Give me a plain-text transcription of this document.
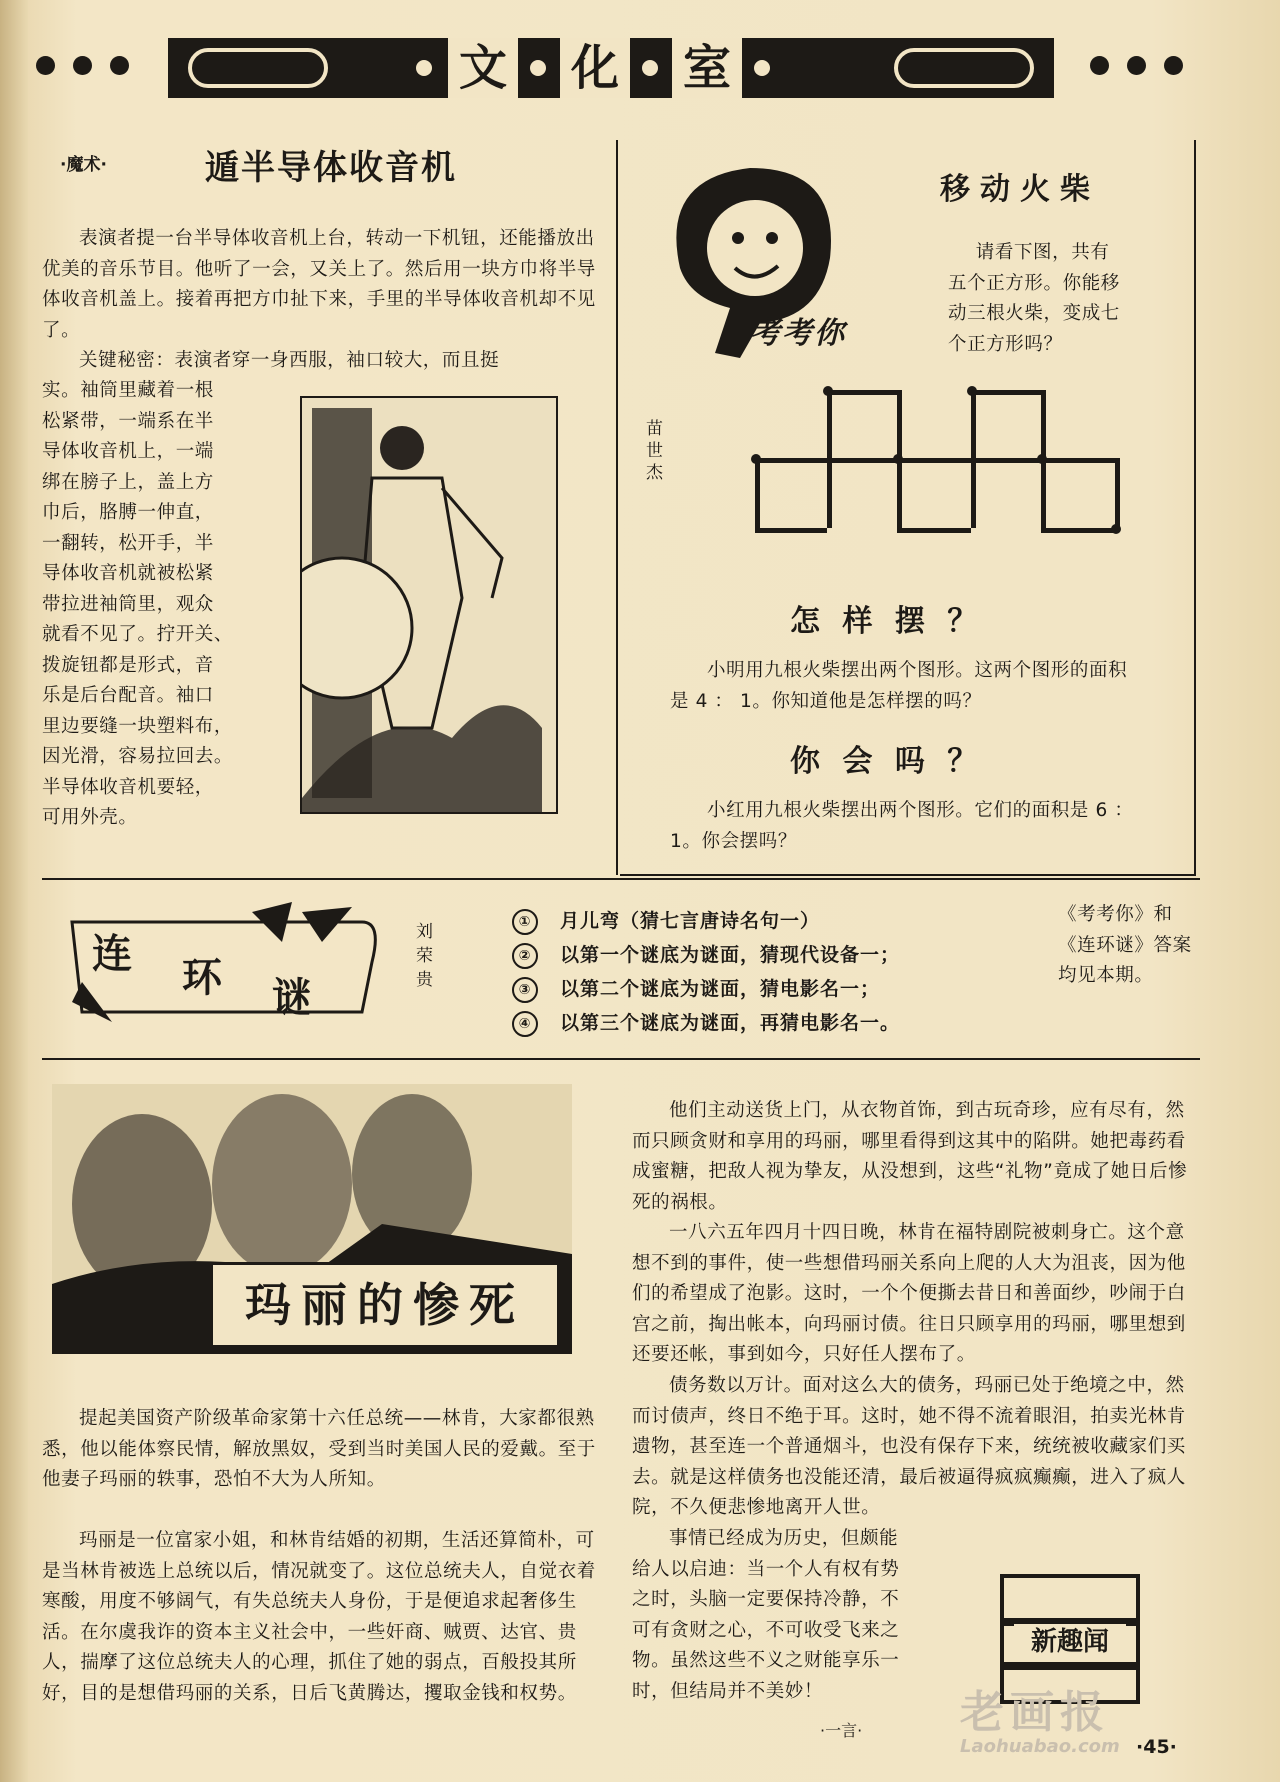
文 化 室
·魔术·	遁半导体收音机

表演者提一台半导体收音机上台，转动一下机钮，还能播放出优美的音乐节目。他听了一会，又关上了。然后用一块方巾将半导体收音机盖上。接着再把方巾扯下来，手里的半导体收音机却不见了。

关键秘密：表演者穿一身西服，袖口较大，而且挺

实。袖筒里藏着一根
松紧带，一端系在半
导体收音机上，一端
绑在膀子上，盖上方
巾后，胳膊一伸直，
一翻转，松开手，半
导体收音机就被松紧
带拉进袖筒里，观众
就看不见了。拧开关、
拨旋钮都是形式，音
乐是后台配音。袖口
里边要缝一块塑料布，
因光滑，容易拉回去。
半导体收音机要轻，
可用外壳。
考考你
苗世杰
移动火柴
请看下图，共有
五个正方形。你能移
动三根火柴，变成七
个正方形吗？
怎 样 摆 ？

小明用九根火柴摆出两个图形。这两个图形的面积是 4 ： 1。你知道他是怎样摆的吗？

你 会 吗 ？

小红用九根火柴摆出两个图形。它们的面积是 6 ： 1。你会摆吗？

连
环 谜
刘荣贵
① 月儿弯（猜七言唐诗名句一）
② 以第一个谜底为谜面，猜现代设备一；
③ 以第二个谜底为谜面，猜电影名一；
④ 以第三个谜底为谜面，再猜电影名一。

《考考你》和《连环谜》答案均见本期。

玛丽的惨死

提起美国资产阶级革命家第十六任总统——林肯，大家都很熟悉，他以能体察民情，解放黑奴，受到当时美国人民的爱戴。至于他妻子玛丽的轶事，恐怕不大为人所知。

玛丽是一位富家小姐，和林肯结婚的初期，生活还算简朴，可是当林肯被选上总统以后，情况就变了。这位总统夫人，自觉衣着寒酸，用度不够阔气，有失总统夫人身份，于是便追求起奢侈生活。在尔虞我诈的资本主义社会中，一些奸商、贼贾、达官、贵人，揣摩了这位总统夫人的心理，抓住了她的弱点，百般投其所好，目的是想借玛丽的关系，日后飞黄腾达，攫取金钱和权势。

他们主动送货上门，从衣物首饰，到古玩奇珍，应有尽有，然而只顾贪财和享用的玛丽，哪里看得到这其中的陷阱。她把毒药看成蜜糖，把敌人视为挚友，从没想到，这些“礼物”竟成了她日后惨死的祸根。

一八六五年四月十四日晚，林肯在福特剧院被刺身亡。这个意想不到的事件，使一些想借玛丽关系向上爬的人大为沮丧，因为他们的希望成了泡影。这时，一个个便撕去昔日和善面纱，吵闹于白宫之前，掏出帐本，向玛丽讨债。往日只顾享用的玛丽，哪里想到还要还帐，事到如今，只好任人摆布了。

债务数以万计。面对这么大的债务，玛丽已处于绝境之中，然而讨债声，终日不绝于耳。这时，她不得不流着眼泪，拍卖光林肯遗物，甚至连一个普通烟斗，也没有保存下来，统统被收藏家们买去。就是这样债务也没能还清，最后被逼得疯疯癫癫，进入了疯人院，不久便悲惨地离开人世。

事情已经成为历史，但颇能
给人以启迪：当一个人有权有势
之时，头脑一定要保持冷静，不
可有贪财之心，不可收受飞来之
物。虽然这些不义之财能享乐一
时，但结局并不美妙！
·一言·
新趣闻
老画报
Laohuabao.com ·45·
